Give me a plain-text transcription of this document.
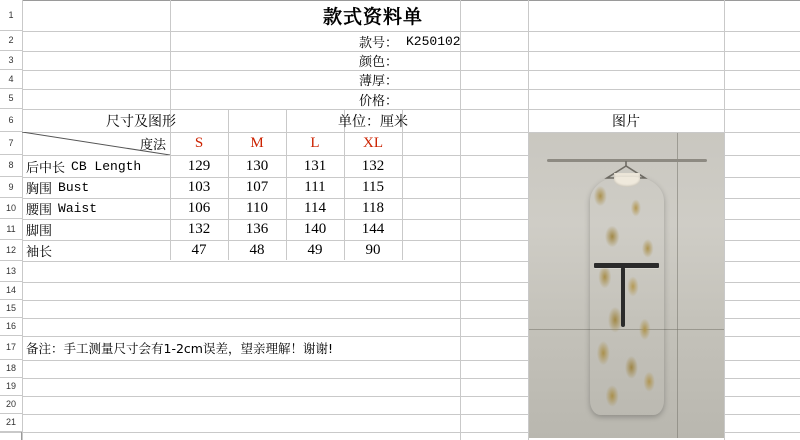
1
2
3
4
5
6
7
8
9
10
11
12
13
14
15
16
17
18
19
20
21
款式资料单
款号： K250102
颜色：
薄厚：
价格：
尺寸及图形	单位：厘米	图片
度法	S	M	L	XL
后中长 CB Length	129	130	131	132
胸围 Bust	103	107	111	115
腰围 Waist	106	110	114	118
脚围	132	136	140	144
袖长	47	48	49	90
备注：手工测量尺寸会有1-2cm误差，望亲理解！谢谢!
